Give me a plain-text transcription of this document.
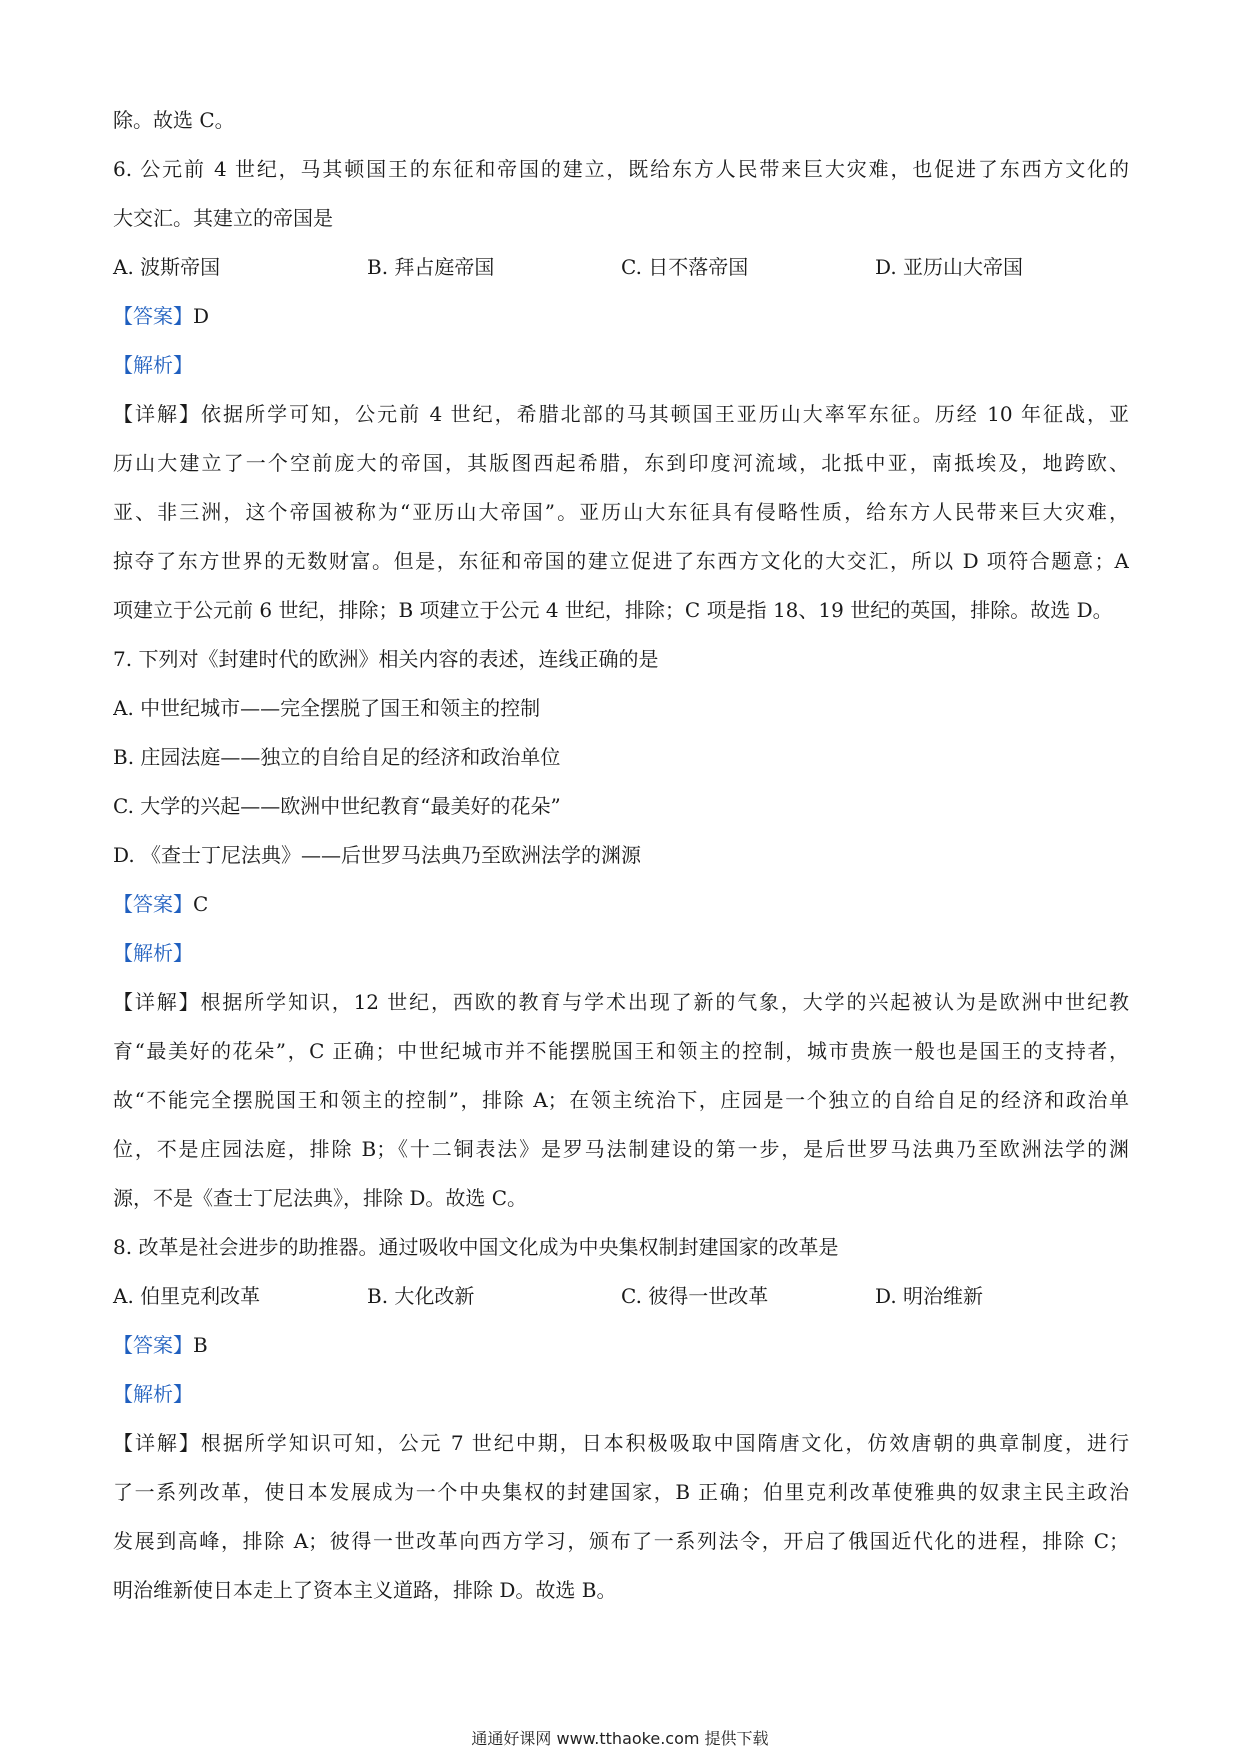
除。故选 C。
6. 公元前 4 世纪，马其顿国王的东征和帝国的建立，既给东方人民带来巨大灾难，也促进了东西方文化的
大交汇。其建立的帝国是
A. 波斯帝国	B. 拜占庭帝国	C. 日不落帝国	D. 亚历山大帝国
【答案】D
【解析】
【详解】依据所学可知，公元前 4 世纪，希腊北部的马其顿国王亚历山大率军东征。历经 10 年征战，亚
历山大建立了一个空前庞大的帝国，其版图西起希腊，东到印度河流域，北抵中亚，南抵埃及，地跨欧、
亚、非三洲，这个帝国被称为“亚历山大帝国”。亚历山大东征具有侵略性质，给东方人民带来巨大灾难，
掠夺了东方世界的无数财富。但是，东征和帝国的建立促进了东西方文化的大交汇，所以 D 项符合题意；A
项建立于公元前 6 世纪，排除；B 项建立于公元 4 世纪，排除；C 项是指 18、19 世纪的英国，排除。故选 D。
7. 下列对《封建时代的欧洲》相关内容的表述，连线正确的是
A. 中世纪城市——完全摆脱了国王和领主的控制
B. 庄园法庭——独立的自给自足的经济和政治单位
C. 大学的兴起——欧洲中世纪教育“最美好的花朵”
D. 《查士丁尼法典》——后世罗马法典乃至欧洲法学的渊源
【答案】C
【解析】
【详解】根据所学知识，12 世纪，西欧的教育与学术出现了新的气象，大学的兴起被认为是欧洲中世纪教
育“最美好的花朵”，C 正确；中世纪城市并不能摆脱国王和领主的控制，城市贵族一般也是国王的支持者，
故“不能完全摆脱国王和领主的控制”，排除 A；在领主统治下，庄园是一个独立的自给自足的经济和政治单
位，不是庄园法庭，排除 B；《十二铜表法》是罗马法制建设的第一步，是后世罗马法典乃至欧洲法学的渊
源，不是《查士丁尼法典》，排除 D。故选 C。
8. 改革是社会进步的助推器。通过吸收中国文化成为中央集权制封建国家的改革是
A. 伯里克利改革	B. 大化改新	C. 彼得一世改革	D. 明治维新
【答案】B
【解析】
【详解】根据所学知识可知，公元 7 世纪中期，日本积极吸取中国隋唐文化，仿效唐朝的典章制度，进行
了一系列改革，使日本发展成为一个中央集权的封建国家，B 正确；伯里克利改革使雅典的奴隶主民主政治
发展到高峰，排除 A；彼得一世改革向西方学习，颁布了一系列法令，开启了俄国近代化的进程，排除 C；
明治维新使日本走上了资本主义道路，排除 D。故选 B。
通通好课网 www.tthaoke.com 提供下载
